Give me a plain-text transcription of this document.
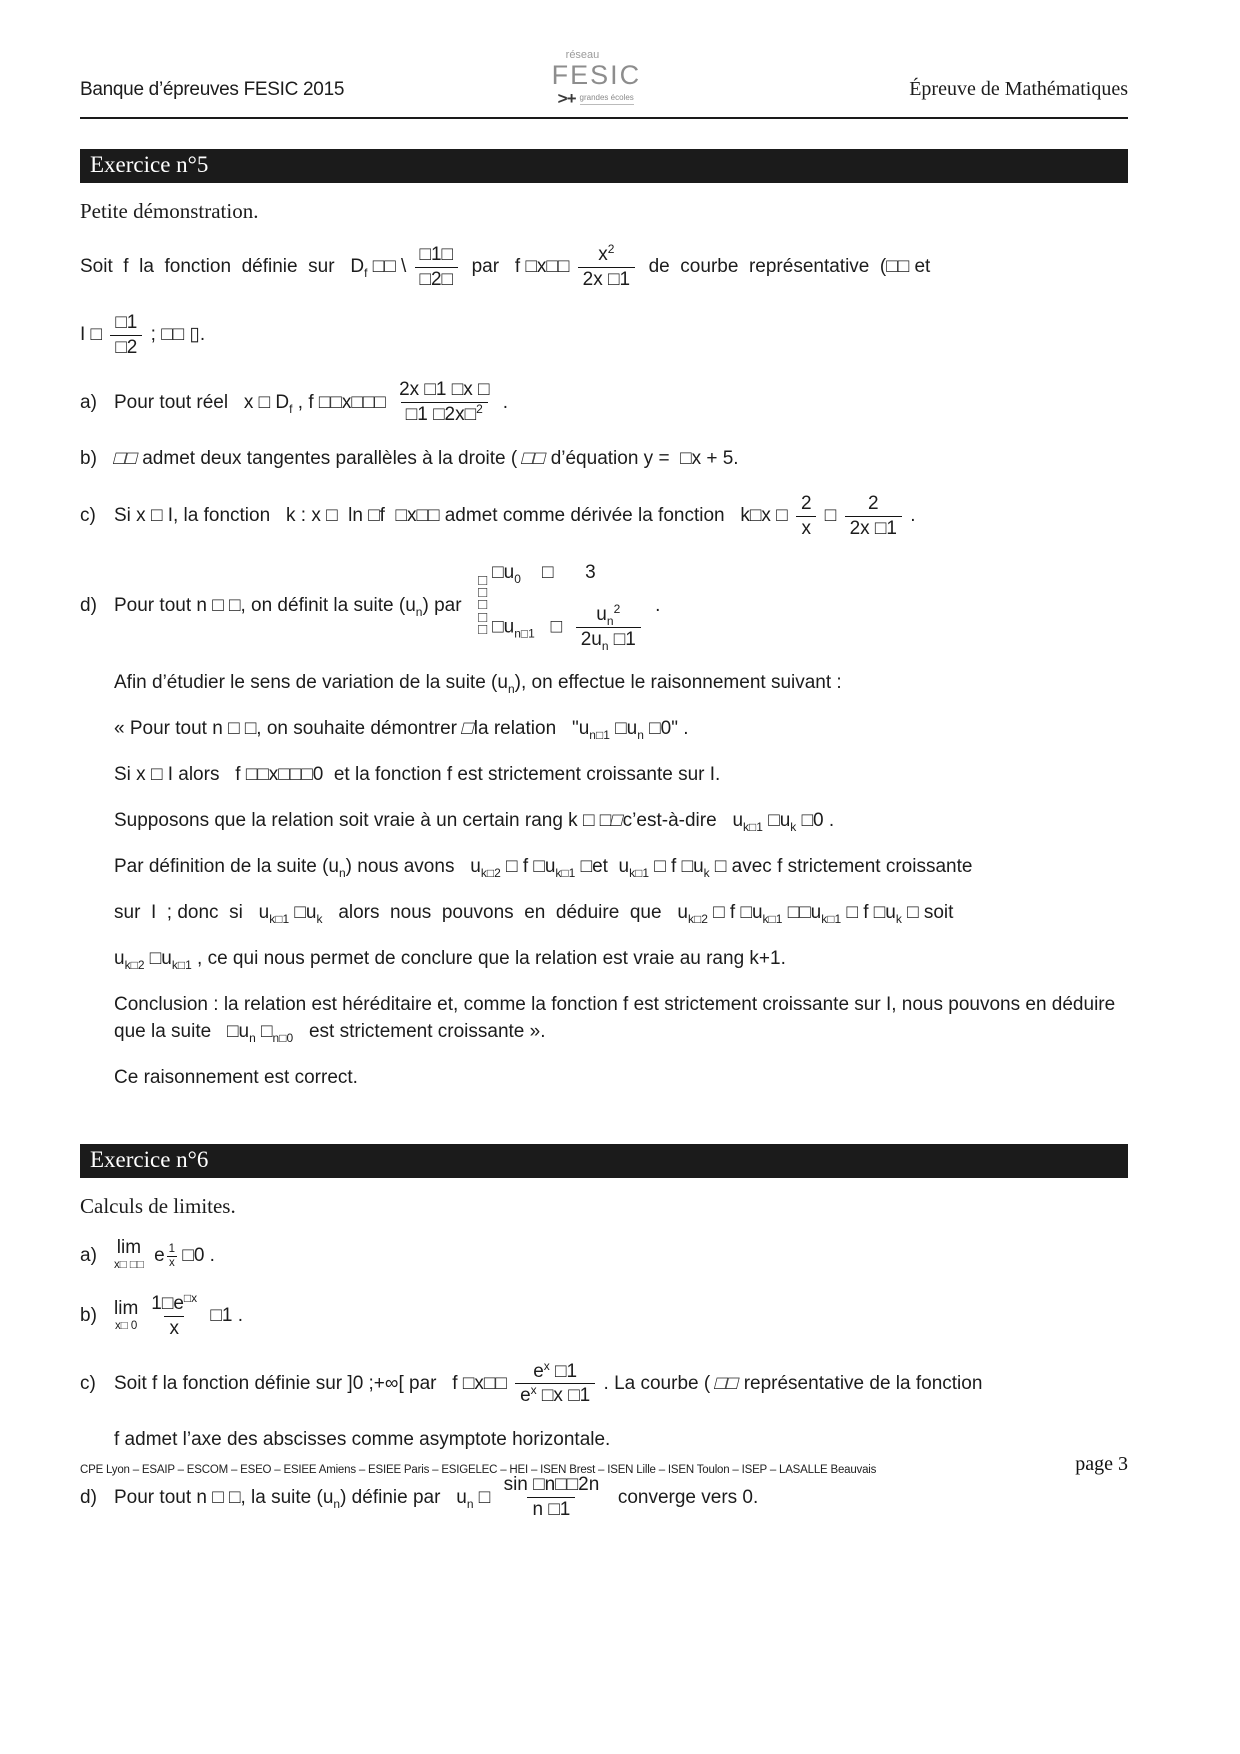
Banque d’épreuves FESIC 2015
réseau
FESIC
>+ grandes écoles	Épreuve de Mathématiques
Exercice n°5
Petite démonstration.
Soit  f  la  fonction  définie  sur   $D_f$ □□ \ $\frac{□1□}{□2□}$ par   f □x□□ $\frac{x^2}{2x □1}$ de  courbe  représentative  (□□ et
I □ $\frac{□1}{□2}$ ; □□ ▯.
a) Pour tout réel   x □ $D_f$ , f □□x□□□ $\frac{2x □1 □x □}{□1 □2x□^2}$ .
b) □□ admet deux tangentes parallèles à la droite ( □□ d’équation y =  □x + 5.
c) Si x □ I, la fonction   k : x □  ln □f  □x□□ admet comme dérivée la fonction   k□x □ $\frac{2}{x}$ □ $\frac{2}{2x □1}$ .
d) Pour tout n □ □, on définit la suite $(u_n)$ par
□
□
□
□
□
$□u_0$    □      3
$□u_{n□1}$   □ $\frac{u_n^2}{2u_n □1}$ .
Afin d’étudier le sens de variation de la suite $(u_n)$, on effectue le raisonnement suivant :
« Pour tout n □ □, on souhaite démontrer □la relation   "$u_{n□1}$ $□u_n$ □0" .
Si x □ I alors   f □□x□□□0  et la fonction f est strictement croissante sur I.
Supposons que la relation soit vraie à un certain rang k □ □□c’est-à-dire   $u_{k□1}$ $□u_k$ □0 .
Par définition de la suite $(u_n)$ nous avons   $u_{k□2}$ □ f $□u_{k□1}$ □et  $u_{k□1}$ □ f $□u_k$ □ avec f strictement croissante
sur  I  ; donc  si   $u_{k□1}$ $□u_k$   alors  nous  pouvons  en  déduire  que   $u_{k□2}$ □ f $□u_{k□1}$ $□□u_{k□1}$ □ f $□u_k$ □ soit
$u_{k□2}$ $□u_{k□1}$ , ce qui nous permet de conclure que la relation est vraie au rang k+1.
Conclusion : la relation est héréditaire et, comme la fonction f est strictement croissante sur I, nous pouvons en déduire que la suite   $□u_n$ $□_{n□0}$   est strictement croissante ».
Ce raisonnement est correct.
Exercice n°6
Calculs de limites.
a) lim
x□ □□ e $\frac{1}{x}$ □0 .
b) lim
x□ $0 \frac{1□e^{□x}}{x}$ □1 .
c) Soit f la fonction définie sur ]0 ;+∞[ par   f □x□□ $\frac{e^x □1}{e^x □x □1}$ . La courbe ( □□ représentative de la fonction
f admet l’axe des abscisses comme asymptote horizontale.
d) Pour tout n □ □, la suite $(u_n)$ définie par   $u_n$ □ $\frac{\sin □n□□2n}{n □1}$ converge vers 0.
CPE Lyon – ESAIP – ESCOM – ESEO – ESIEE Amiens – ESIEE Paris – ESIGELEC – HEI – ISEN Brest – ISEN Lille – ISEN Toulon – ISEP – LASALLE Beauvais	page 3
